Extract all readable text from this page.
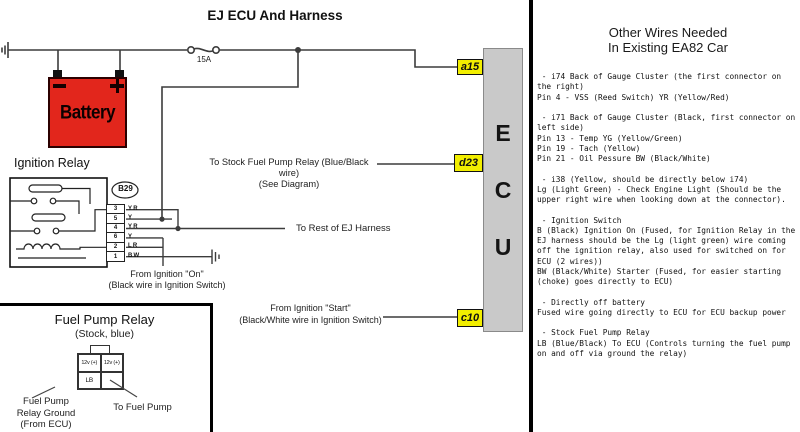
EJ ECU And Harness
15A
Battery
Ignition Relay
B29
3
5
4
6
2
1
YR
Y
YR
Y
LR
BW
To Stock Fuel Pump Relay (Blue/Black wire)
(See Diagram)
To Rest of EJ Harness
From Ignition "On"
(Black wire in Ignition Switch)
From Ignition "Start"
(Black/White wire in Ignition Switch)
E
C
U
a15
d23
c10
Fuel Pump Relay
(Stock, blue)
12v (+)	12v (+)
LB
Fuel Pump
Relay Ground
(From ECU)
To Fuel Pump
Other Wires Needed
In Existing EA82 Car
- i74 Back of Gauge Cluster (the first connector on
the right)
Pin 4 - VSS (Reed Switch) YR (Yellow/Red)
- i71 Back of Gauge Cluster (Black, first connector on
left side)
Pin 13 - Temp YG (Yellow/Green)
Pin 19 - Tach (Yellow)
Pin 21 - Oil Pessure BW (Black/White)
- i38 (Yellow, should be directly below i74)
Lg (Light Green) - Check Engine Light (Should be the
upper right wire when looking down at the connector).
- Ignition Switch
B (Black) Ignition On (Fused, for Ignition Relay in the
EJ harness should be the Lg (light green) wire coming
off the ignition relay, also used for switched on for
ECU (2 wires))
BW (Black/White) Starter (Fused, for easier starting
(choke) goes directly to ECU)
- Directly off battery
Fused wire going directly to ECU for ECU backup power
- Stock Fuel Pump Relay
LB (Blue/Black) To ECU (Controls turning the fuel pump
on and off via ground the relay)
